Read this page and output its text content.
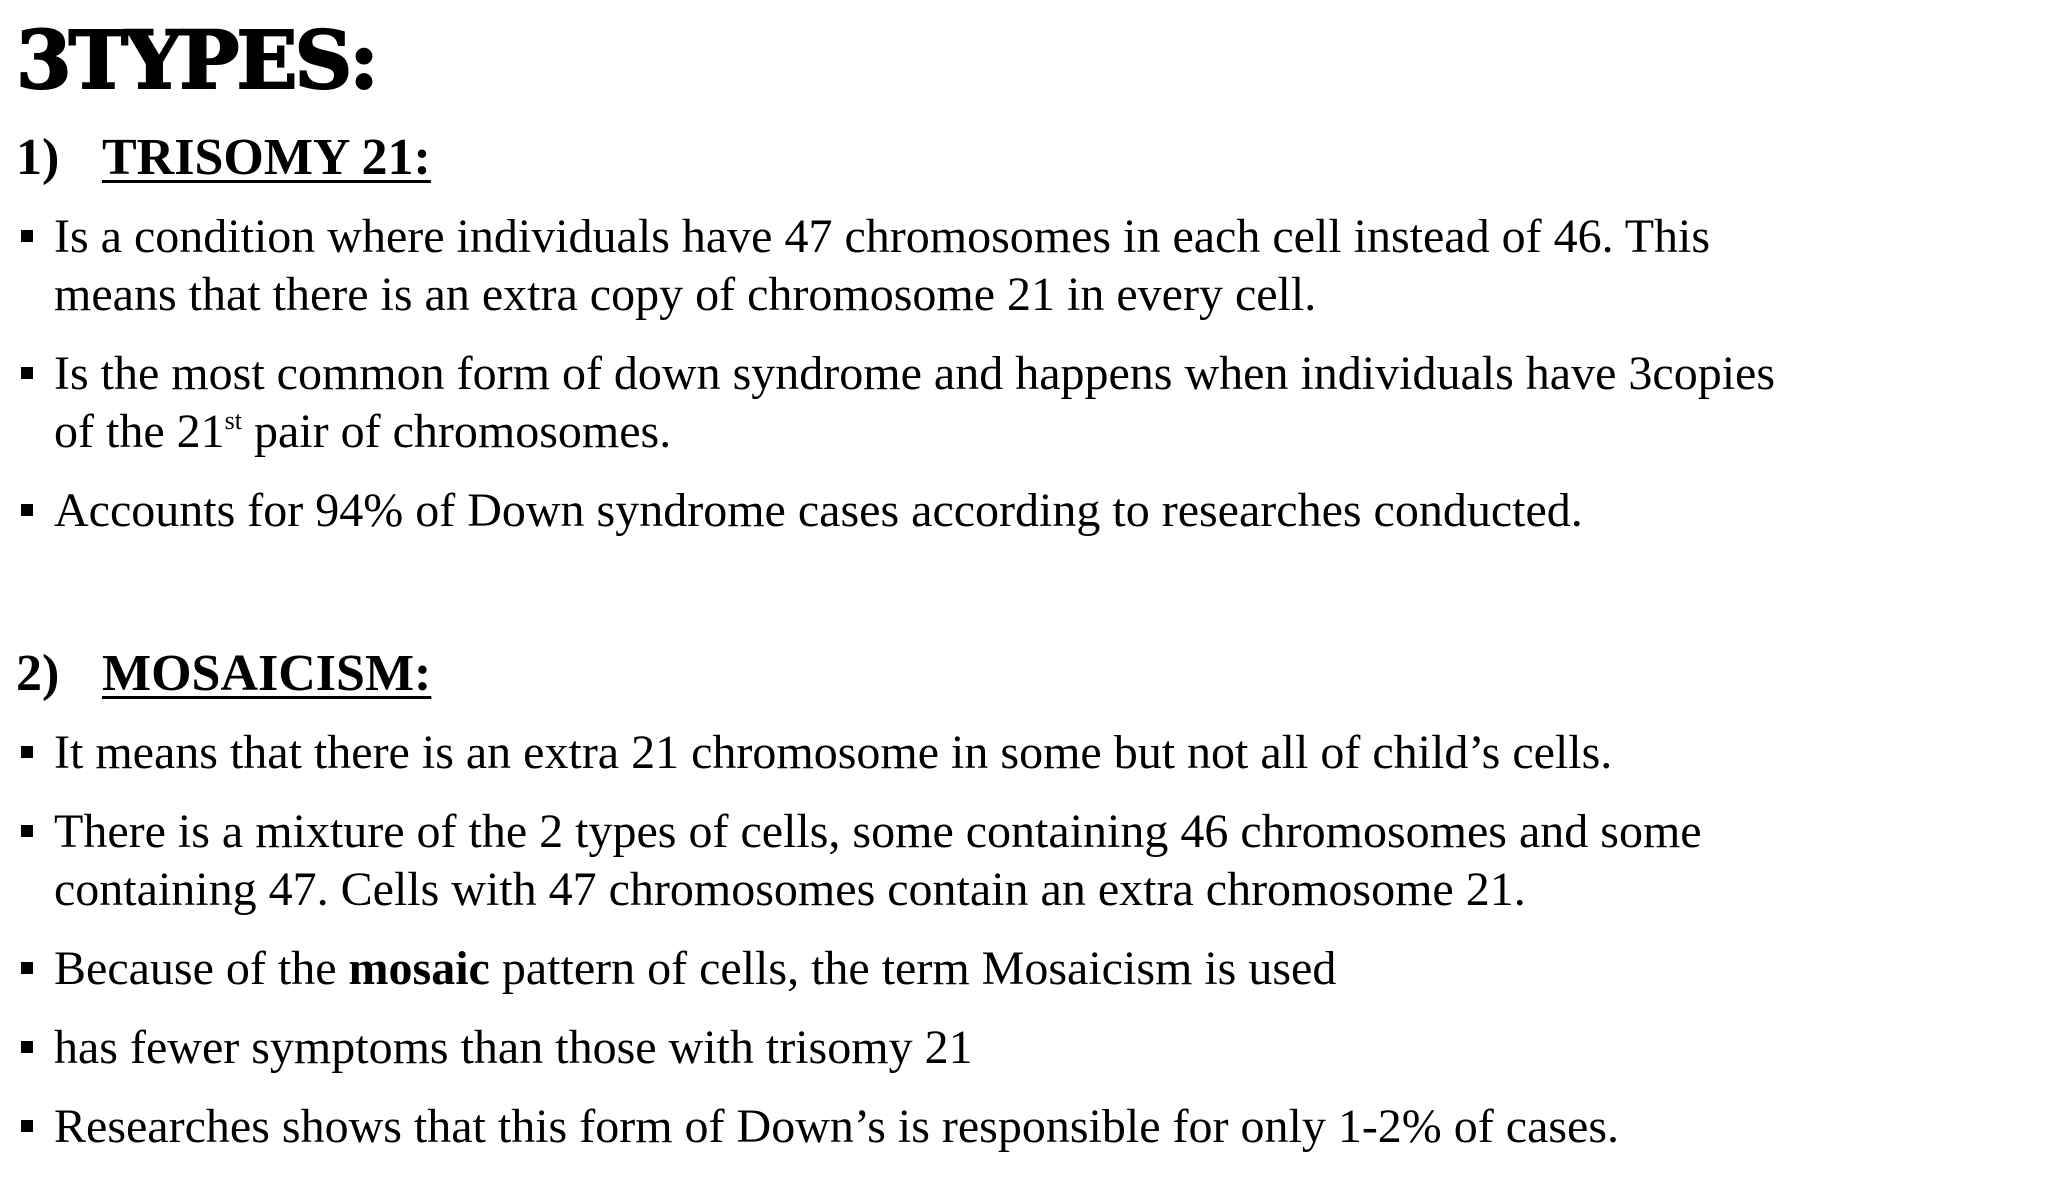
3TYPES:
1) TRISOMY 21:
Is a condition where individuals have 47 chromosomes in each cell instead of 46. This
means that there is an extra copy of chromosome 21 in every cell.
Is the most common form of down syndrome and happens when individuals have 3copies
of the 21st pair of chromosomes.
Accounts for 94% of Down syndrome cases according to researches conducted.
2) MOSAICISM:
It means that there is an extra 21 chromosome in some but not all of child’s cells.
There is a mixture of the 2 types of cells, some containing 46 chromosomes and some
containing 47. Cells with 47 chromosomes contain an extra chromosome 21.
Because of the mosaic pattern of cells, the term Mosaicism is used
has fewer symptoms than those with trisomy 21
Researches shows that this form of Down’s is responsible for only 1-2% of cases.
